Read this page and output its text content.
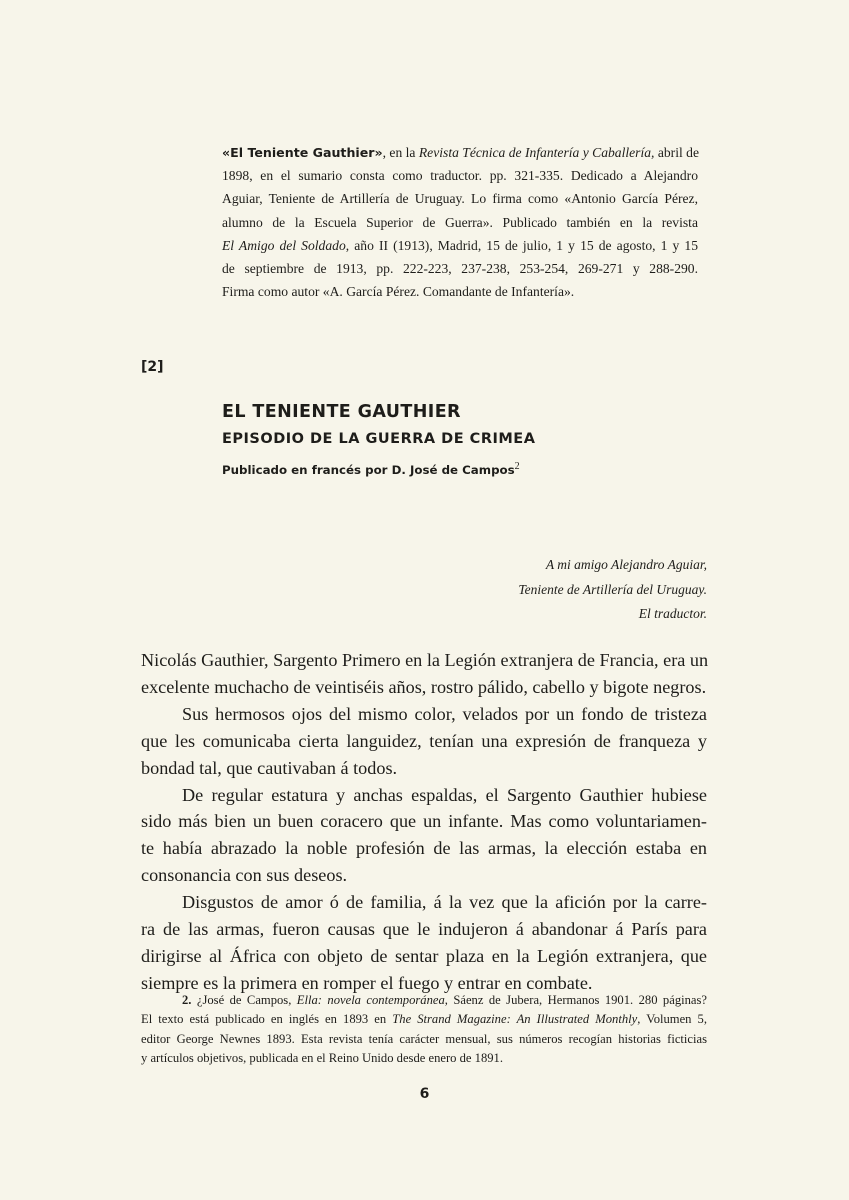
«El Teniente Gauthier», en la Revista Técnica de Infantería y Caballería, abril de
1898, en el sumario consta como traductor. pp. 321-335. Dedicado a Alejandro
Aguiar, Teniente de Artillería de Uruguay. Lo firma como «Antonio García Pérez,
alumno de la Escuela Superior de Guerra». Publicado también en la revista
El Amigo del Soldado, año II (1913), Madrid, 15 de julio, 1 y 15 de agosto, 1 y 15
de septiembre de 1913, pp. 222-223, 237-238, 253-254, 269-271 y 288-290.
Firma como autor «A. García Pérez. Comandante de Infantería».
[2]
EL TENIENTE GAUTHIER
EPISODIO DE LA GUERRA DE CRIMEA
Publicado en francés por D. José de Campos$^2$
A mi amigo Alejandro Aguiar,
Teniente de Artillería del Uruguay.
El traductor.
Nicolás Gauthier, Sargento Primero en la Legión extranjera de Francia, era un
excelente muchacho de veintiséis años, rostro pálido, cabello y bigote negros.
Sus hermosos ojos del mismo color, velados por un fondo de tristeza
que les comunicaba cierta languidez, tenían una expresión de franqueza y
bondad tal, que cautivaban á todos.
De regular estatura y anchas espaldas, el Sargento Gauthier hubiese
sido más bien un buen coracero que un infante. Mas como voluntariamen-
te había abrazado la noble profesión de las armas, la elección estaba en
consonancia con sus deseos.
Disgustos de amor ó de familia, á la vez que la afición por la carre-
ra de las armas, fueron causas que le indujeron á abandonar á París para
dirigirse al África con objeto de sentar plaza en la Legión extranjera, que
siempre es la primera en romper el fuego y entrar en combate.
2. ¿José de Campos, Ella: novela contemporánea, Sáenz de Jubera, Hermanos 1901. 280 páginas?
El texto está publicado en inglés en 1893 en The Strand Magazine: An Illustrated Monthly, Volumen 5,
editor George Newnes 1893. Esta revista tenía carácter mensual, sus números recogían historias ficticias
y artículos objetivos, publicada en el Reino Unido desde enero de 1891.
6
